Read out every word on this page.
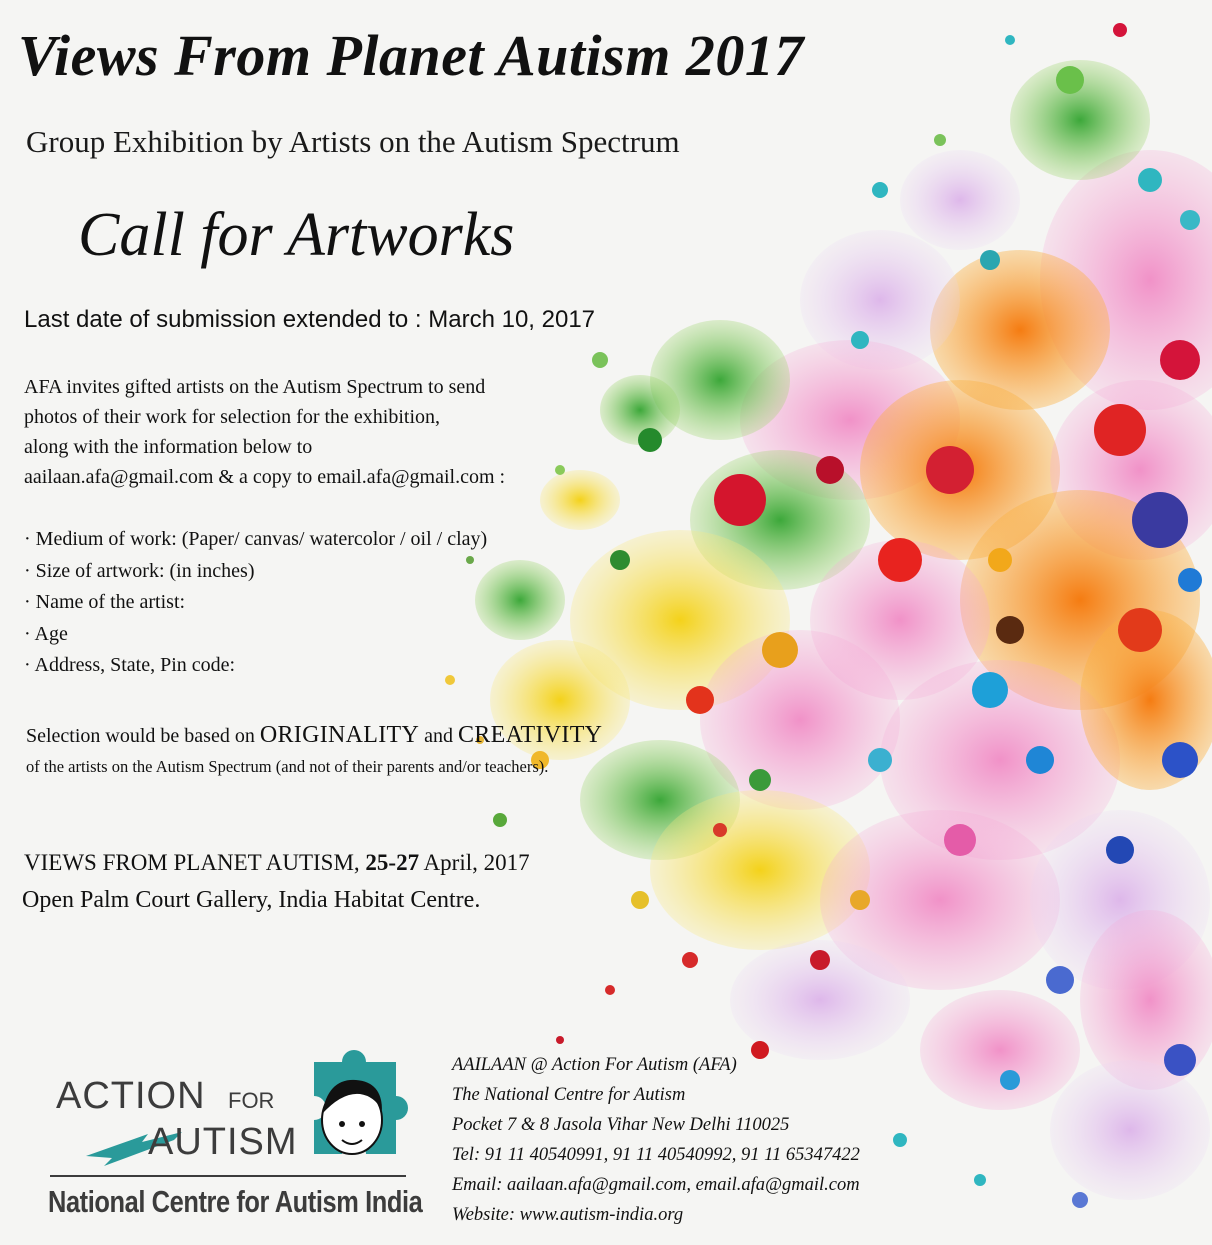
Views From Planet Autism 2017
Group Exhibition by Artists on the Autism Spectrum
Call for Artworks
Last date of submission extended to : March 10, 2017
AFA invites gifted artists on the Autism Spectrum to send
photos of their work for selection for the exhibition,
along with the information below to
aailaan.afa@gmail.com & a copy to email.afa@gmail.com :
· Medium of work: (Paper/ canvas/ watercolor / oil / clay)
· Size of artwork: (in inches)
· Name of the artist:
· Age
· Address, State, Pin code:
Selection would be based on ORIGINALITY and CREATIVITY
of the artists on the Autism Spectrum (and not of their parents and/or teachers).
VIEWS FROM PLANET AUTISM, 25-27 April, 2017
Open Palm Court Gallery, India Habitat Centre.
ACTION FOR
AUTISM
National Centre for Autism India
AAILAAN @ Action For Autism (AFA)
The National Centre for Autism
Pocket 7 & 8 Jasola Vihar New Delhi 110025
Tel: 91 11 40540991, 91 11 40540992, 91 11 65347422
Email: aailaan.afa@gmail.com, email.afa@gmail.com
Website: www.autism-india.org
